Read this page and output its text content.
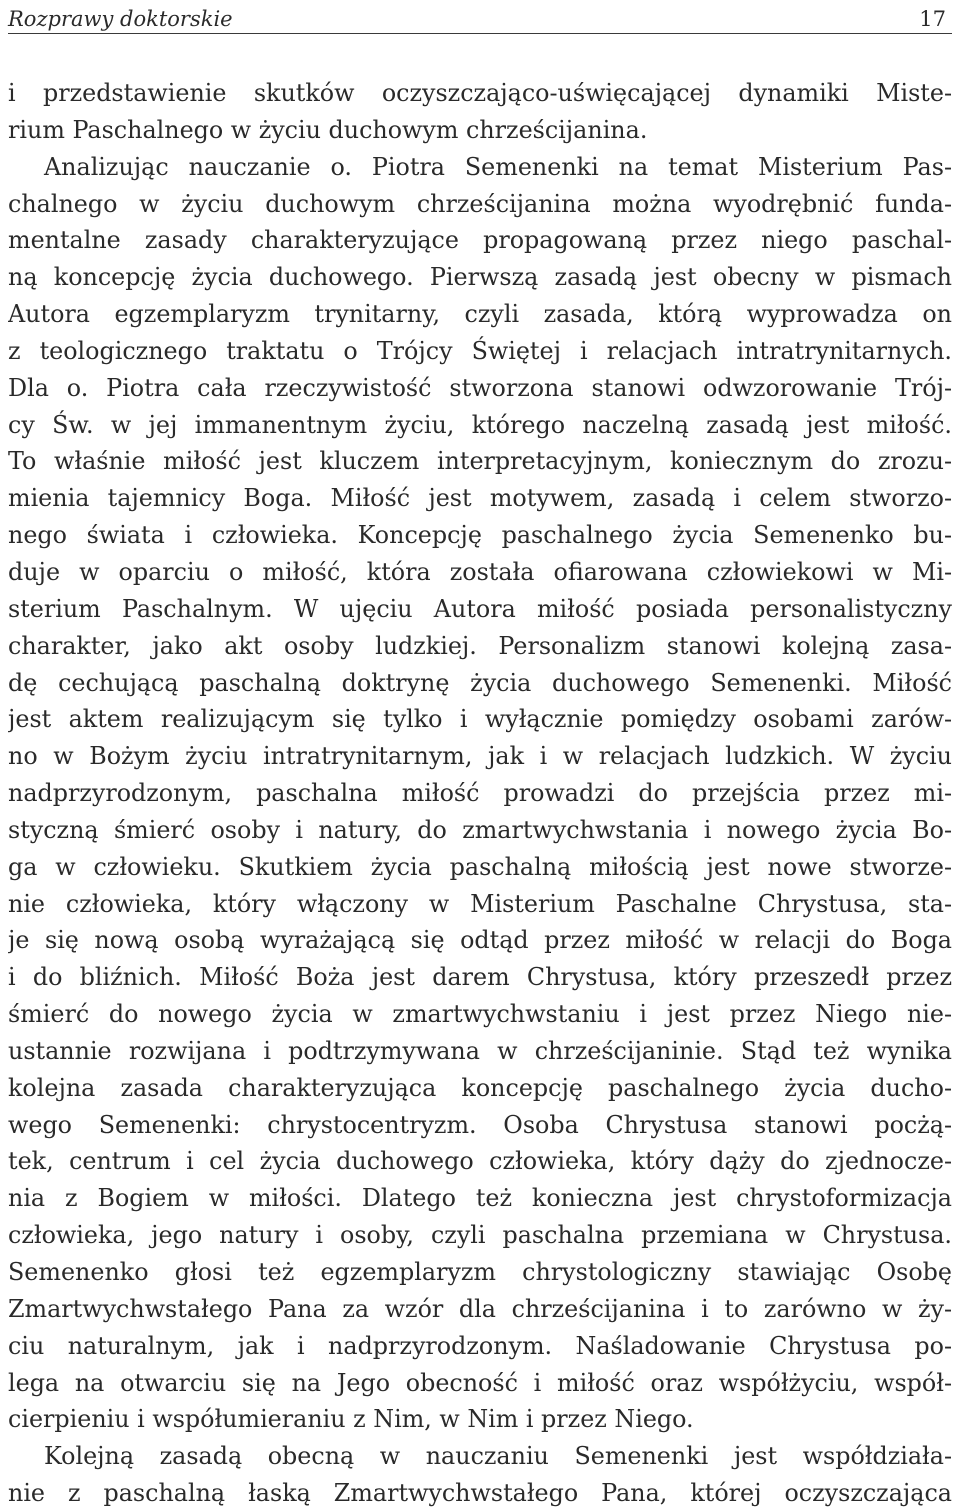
Rozprawy doktorskie	17
i przedstawienie skutków oczyszczająco-uświęcającej dynamiki Miste-
rium Paschalnego w życiu duchowym chrześcijanina.
Analizując nauczanie o. Piotra Semenenki na temat Misterium Pas-
chalnego w życiu duchowym chrześcijanina można wyodrębnić funda-
mentalne zasady charakteryzujące propagowaną przez niego paschal-
ną koncepcję życia duchowego. Pierwszą zasadą jest obecny w pismach
Autora egzemplaryzm trynitarny, czyli zasada, którą wyprowadza on
z teologicznego traktatu o Trójcy Świętej i relacjach intratrynitarnych.
Dla o. Piotra cała rzeczywistość stworzona stanowi odwzorowanie Trój-
cy Św. w jej immanentnym życiu, którego naczelną zasadą jest miłość.
To właśnie miłość jest kluczem interpretacyjnym, koniecznym do zrozu-
mienia tajemnicy Boga. Miłość jest motywem, zasadą i celem stworzo-
nego świata i człowieka. Koncepcję paschalnego życia Semenenko bu-
duje w oparciu o miłość, która została ofiarowana człowiekowi w Mi-
sterium Paschalnym. W ujęciu Autora miłość posiada personalistyczny
charakter, jako akt osoby ludzkiej. Personalizm stanowi kolejną zasa-
dę cechującą paschalną doktrynę życia duchowego Semenenki. Miłość
jest aktem realizującym się tylko i wyłącznie pomiędzy osobami zarów-
no w Bożym życiu intratrynitarnym, jak i w relacjach ludzkich. W życiu
nadprzyrodzonym, paschalna miłość prowadzi do przejścia przez mi-
styczną śmierć osoby i natury, do zmartwychwstania i nowego życia Bo-
ga w człowieku. Skutkiem życia paschalną miłością jest nowe stworze-
nie człowieka, który włączony w Misterium Paschalne Chrystusa, sta-
je się nową osobą wyrażającą się odtąd przez miłość w relacji do Boga
i do bliźnich. Miłość Boża jest darem Chrystusa, który przeszedł przez
śmierć do nowego życia w zmartwychwstaniu i jest przez Niego nie-
ustannie rozwijana i podtrzymywana w chrześcijaninie. Stąd też wynika
kolejna zasada charakteryzująca koncepcję paschalnego życia ducho-
wego Semenenki: chrystocentryzm. Osoba Chrystusa stanowi pocżą-
tek, centrum i cel życia duchowego człowieka, który dąży do zjednocze-
nia z Bogiem w miłości. Dlatego też konieczna jest chrystoformizacja
człowieka, jego natury i osoby, czyli paschalna przemiana w Chrystusa.
Semenenko głosi też egzemplaryzm chrystologiczny stawiając Osobę
Zmartwychwstałego Pana za wzór dla chrześcijanina i to zarówno w ży-
ciu naturalnym, jak i nadprzyrodzonym. Naśladowanie Chrystusa po-
lega na otwarciu się na Jego obecność i miłość oraz współżyciu, współ-
cierpieniu i współumieraniu z Nim, w Nim i przez Niego.
Kolejną zasadą obecną w nauczaniu Semenenki jest współdziała-
nie z paschalną łaską Zmartwychwstałego Pana, której oczyszczająca
